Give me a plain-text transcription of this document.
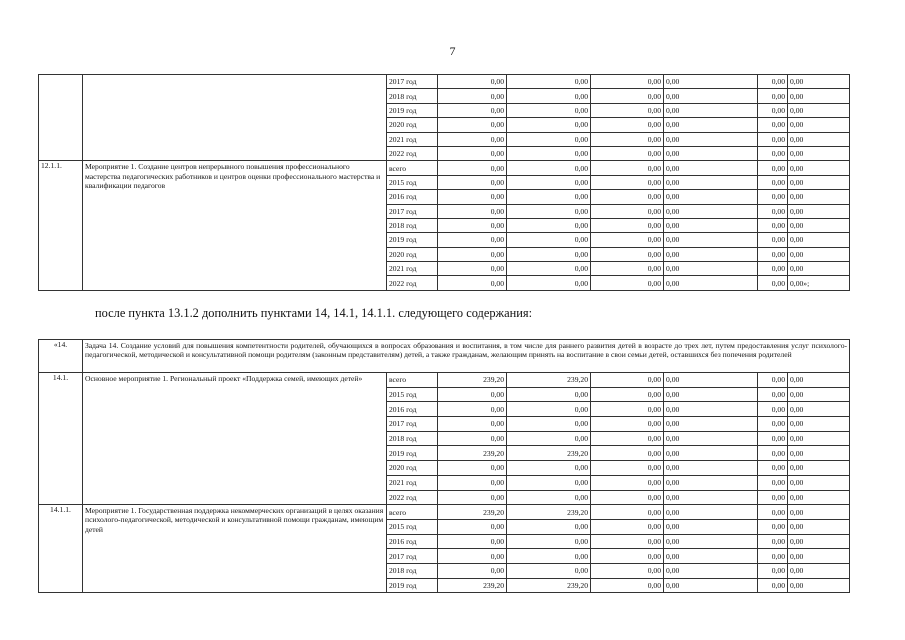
7
		2017 год	0,00	0,00	0,00	0,00	0,00	0,00
		2018 год	0,00	0,00	0,00	0,00	0,00	0,00
		2019 год	0,00	0,00	0,00	0,00	0,00	0,00
		2020 год	0,00	0,00	0,00	0,00	0,00	0,00
		2021 год	0,00	0,00	0,00	0,00	0,00	0,00
		2022 год	0,00	0,00	0,00	0,00	0,00	0,00
12.1.1.	Мероприятие 1. Создание центров непрерывного повышения профессионального мастерства педагогических работников и центров оценки профессионального мастерства и квалификации педагогов	всего	0,00	0,00	0,00	0,00	0,00	0,00
		2015 год	0,00	0,00	0,00	0,00	0,00	0,00
		2016 год	0,00	0,00	0,00	0,00	0,00	0,00
		2017 год	0,00	0,00	0,00	0,00	0,00	0,00
		2018 год	0,00	0,00	0,00	0,00	0,00	0,00
		2019 год	0,00	0,00	0,00	0,00	0,00	0,00
		2020 год	0,00	0,00	0,00	0,00	0,00	0,00
		2021 год	0,00	0,00	0,00	0,00	0,00	0,00
		2022 год	0,00	0,00	0,00	0,00	0,00	0,00»;
после пункта 13.1.2 дополнить пунктами 14, 14.1, 14.1.1. следующего содержания:
«14.	Задача 14. Создание условий для повышения компетентности родителей, обучающихся в вопросах образования и воспитания, в том числе для раннего развития детей в возрасте до трех лет, путем предоставления услуг психолого-педагогической, методической и консультативной помощи родителям (законным представителям) детей, а также гражданам, желающим принять на воспитание в свои семьи детей, оставшихся без попечения родителей							
14.1.	Основное мероприятие 1. Региональный проект «Поддержка семей, имеющих детей»	всего	239,20	239,20	0,00	0,00	0,00	0,00
		2015 год	0,00	0,00	0,00	0,00	0,00	0,00
		2016 год	0,00	0,00	0,00	0,00	0,00	0,00
		2017 год	0,00	0,00	0,00	0,00	0,00	0,00
		2018 год	0,00	0,00	0,00	0,00	0,00	0,00
		2019 год	239,20	239,20	0,00	0,00	0,00	0,00
		2020 год	0,00	0,00	0,00	0,00	0,00	0,00
		2021 год	0,00	0,00	0,00	0,00	0,00	0,00
		2022 год	0,00	0,00	0,00	0,00	0,00	0,00
14.1.1.	Мероприятие 1. Государственная поддержка некоммерческих организаций в целях оказания психолого-педагогической, методической и консультативной помощи гражданам, имеющим детей	всего	239,20	239,20	0,00	0,00	0,00	0,00
		2015 год	0,00	0,00	0,00	0,00	0,00	0,00
		2016 год	0,00	0,00	0,00	0,00	0,00	0,00
		2017 год	0,00	0,00	0,00	0,00	0,00	0,00
		2018 год	0,00	0,00	0,00	0,00	0,00	0,00
		2019 год	239,20	239,20	0,00	0,00	0,00	0,00
